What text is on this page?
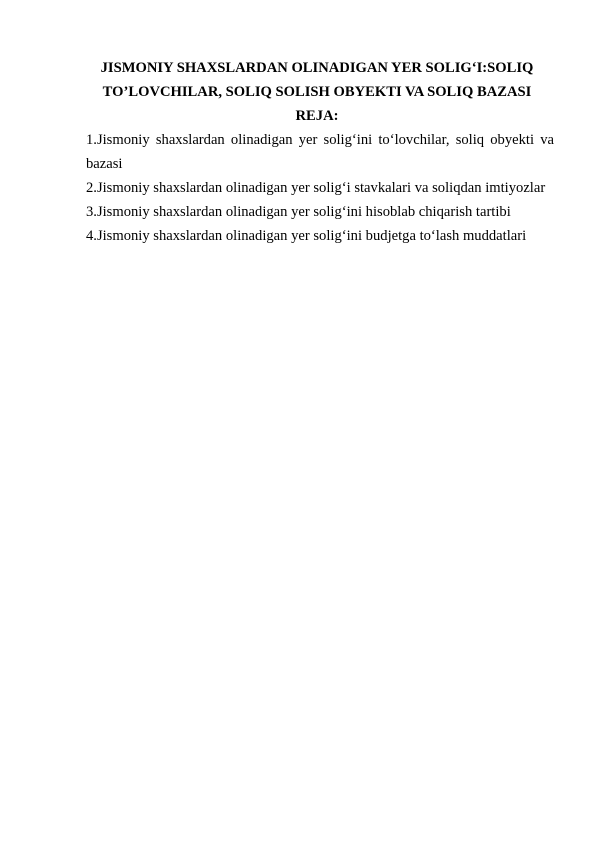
JISMONIY SHAXSLARDAN OLINADIGAN YER SOLIG‘I:SOLIQ

TO’LOVCHILAR, SOLIQ SOLISH OBYEKTI VA SOLIQ BAZASI

REJA:

1.Jismoniy shaxslardan olinadigan yer solig‘ini to‘lovchilar, soliq obyekti va bazasi
2.Jismoniy shaxslardan olinadigan yer solig‘i stavkalari va soliqdan imtiyozlar
3.Jismoniy shaxslardan olinadigan yer solig‘ini hisoblab chiqarish tartibi
4.Jismoniy shaxslardan olinadigan yer solig‘ini budjetga to‘lash muddatlari
